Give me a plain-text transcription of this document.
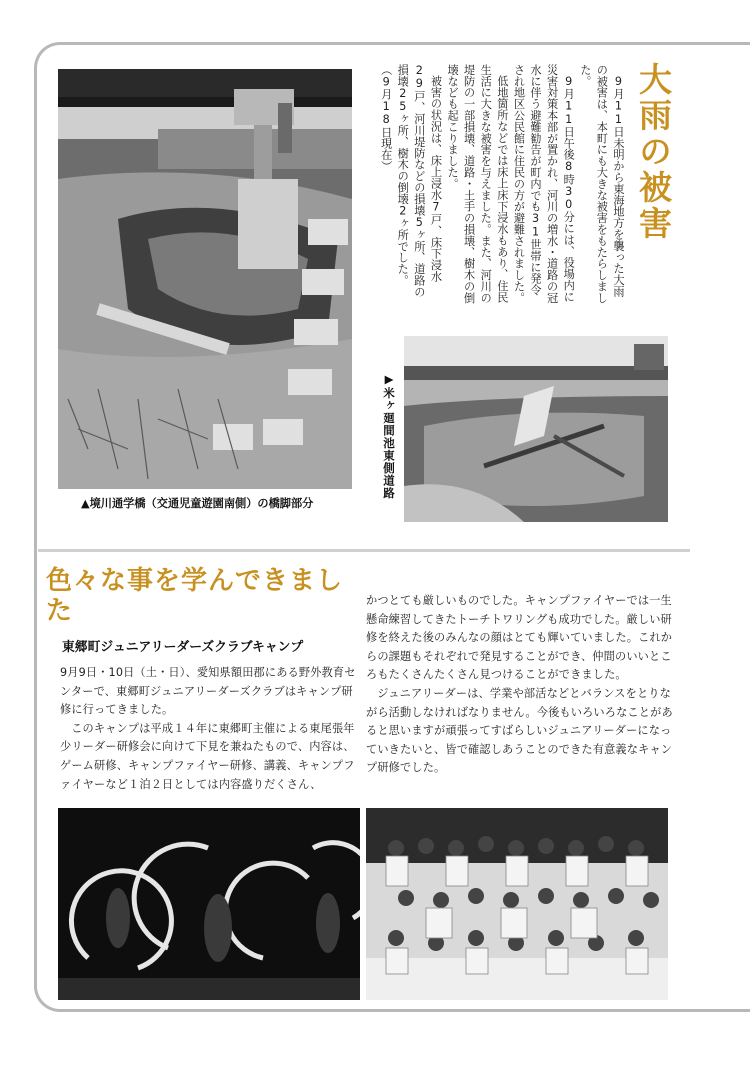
大雨の被害

9月11日未明から東海地方を襲った大雨の被害は、本町にも大きな被害をもたらしました。

9月11日午後8時30分には、役場内に災害対策本部が置かれ、河川の増水・道路の冠水に伴う避難勧告が町内でも31世帯に発令され地区公民館に住民の方が避難されました。

低地箇所などでは床上床下浸水もあり、住民生活に大きな被害を与えました。また、河川の堤防の一部損壊、道路・土手の損壊、樹木の倒壊なども起こりました。

被害の状況は、床上浸水7戸、床下浸水29戸、河川堤防などの損壊5ヶ所、道路の損壊25ヶ所、樹木の倒壊2ヶ所でした。（9月18日現在）

▲境川通学橋（交通児童遊園南側）の橋脚部分
▶米ヶ廻間池東側道路
色々な事を学んできました
東郷町ジュニアリーダーズクラブキャンプ

9月9日・10日（土・日）、愛知県額田郡にある野外教育センターで、東郷町ジュニアリーダーズクラブはキャンプ研修に行ってきました。

このキャンプは平成１４年に東郷町主催による東尾張年少リーダー研修会に向けて下見を兼ねたもので、内容は、ゲーム研修、キャンプファイヤー研修、講義、キャンプファイヤーなど１泊２日としては内容盛りだくさん、

かつとても厳しいものでした。キャンプファイヤーでは一生懸命練習してきたトーチトワリングも成功でした。厳しい研修を終えた後のみんなの顔はとても輝いていました。これからの課題もそれぞれで発見することができ、仲間のいいところもたくさんたくさん見つけることができました。

ジュニアリーダーは、学業や部活などとバランスをとりながら活動しなければなりません。今後もいろいろなことがあると思いますが頑張ってすばらしいジュニアリーダーになっていきたいと、皆で確認しあうことのできた有意義なキャンプ研修でした。
